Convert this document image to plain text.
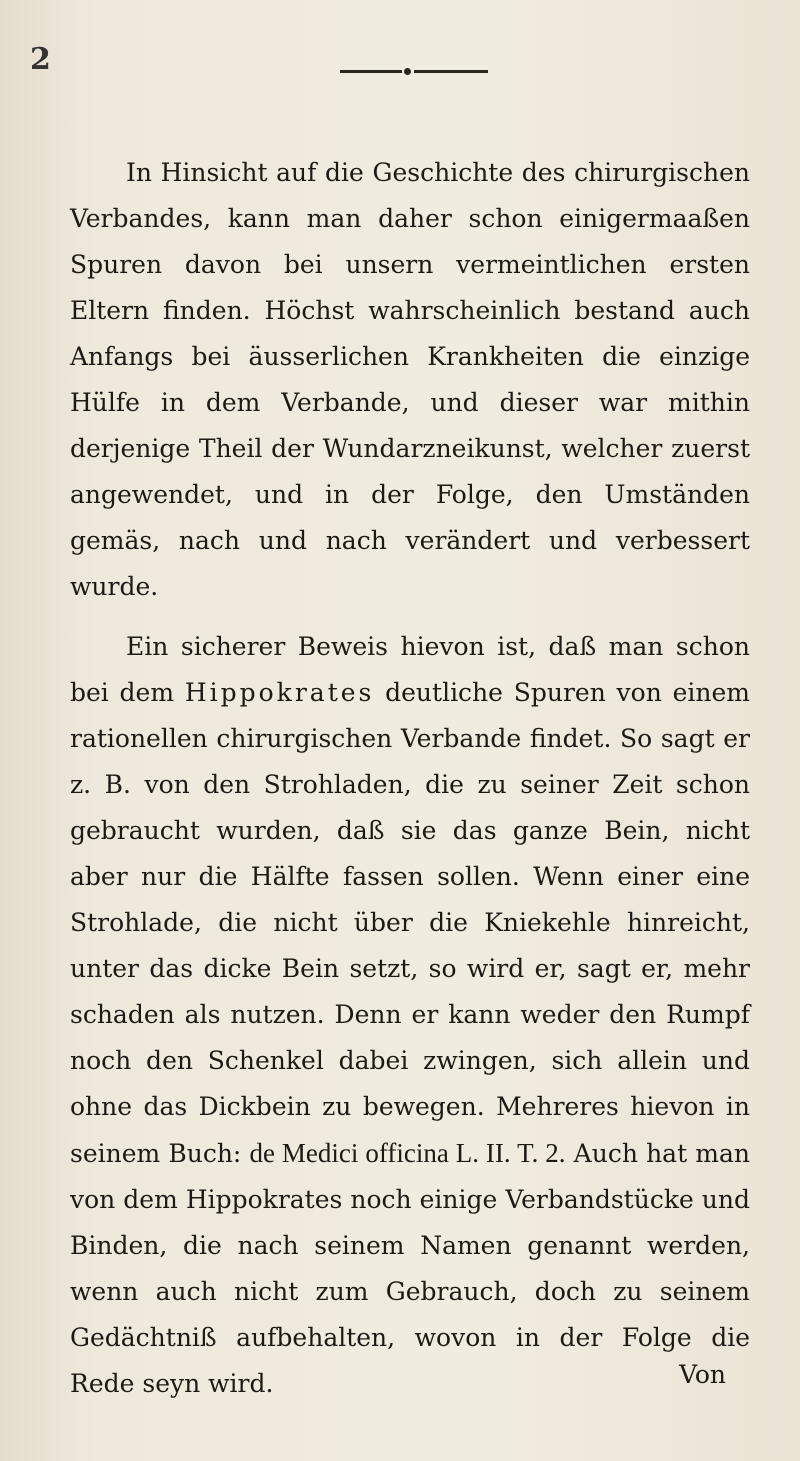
2

In Hinsicht auf die Geschichte des chirurgischen Verbandes, kann man daher schon einigermaaßen Spuren davon bei unsern vermeintlichen ersten Eltern finden. Höchst wahrscheinlich bestand auch Anfangs bei äusserlichen Krankheiten die einzige Hülfe in dem Verbande, und dieser war mithin derjenige Theil der Wundarzneikunst, welcher zuerst angewendet, und in der Folge, den Umständen gemäs, nach und nach verändert und verbessert wurde.

Ein sicherer Beweis hievon ist, daß man schon bei dem Hippokrates deutliche Spuren von einem rationellen chirurgischen Verbande findet. So sagt er z. B. von den Strohladen, die zu seiner Zeit schon gebraucht wurden, daß sie das ganze Bein, nicht aber nur die Hälfte fassen sollen. Wenn einer eine Strohlade, die nicht über die Kniekehle hinreicht, unter das dicke Bein setzt, so wird er, sagt er, mehr schaden als nutzen. Denn er kann weder den Rumpf noch den Schenkel dabei zwingen, sich allein und ohne das Dickbein zu bewegen. Mehreres hievon in seinem Buch: de Medici officina L. II. T. 2. Auch hat man von dem Hippokrates noch einige Verbandstücke und Binden, die nach seinem Namen genannt werden, wenn auch nicht zum Gebrauch, doch zu seinem Gedächtniß aufbehalten, wovon in der Folge die Rede seyn wird.	Von
